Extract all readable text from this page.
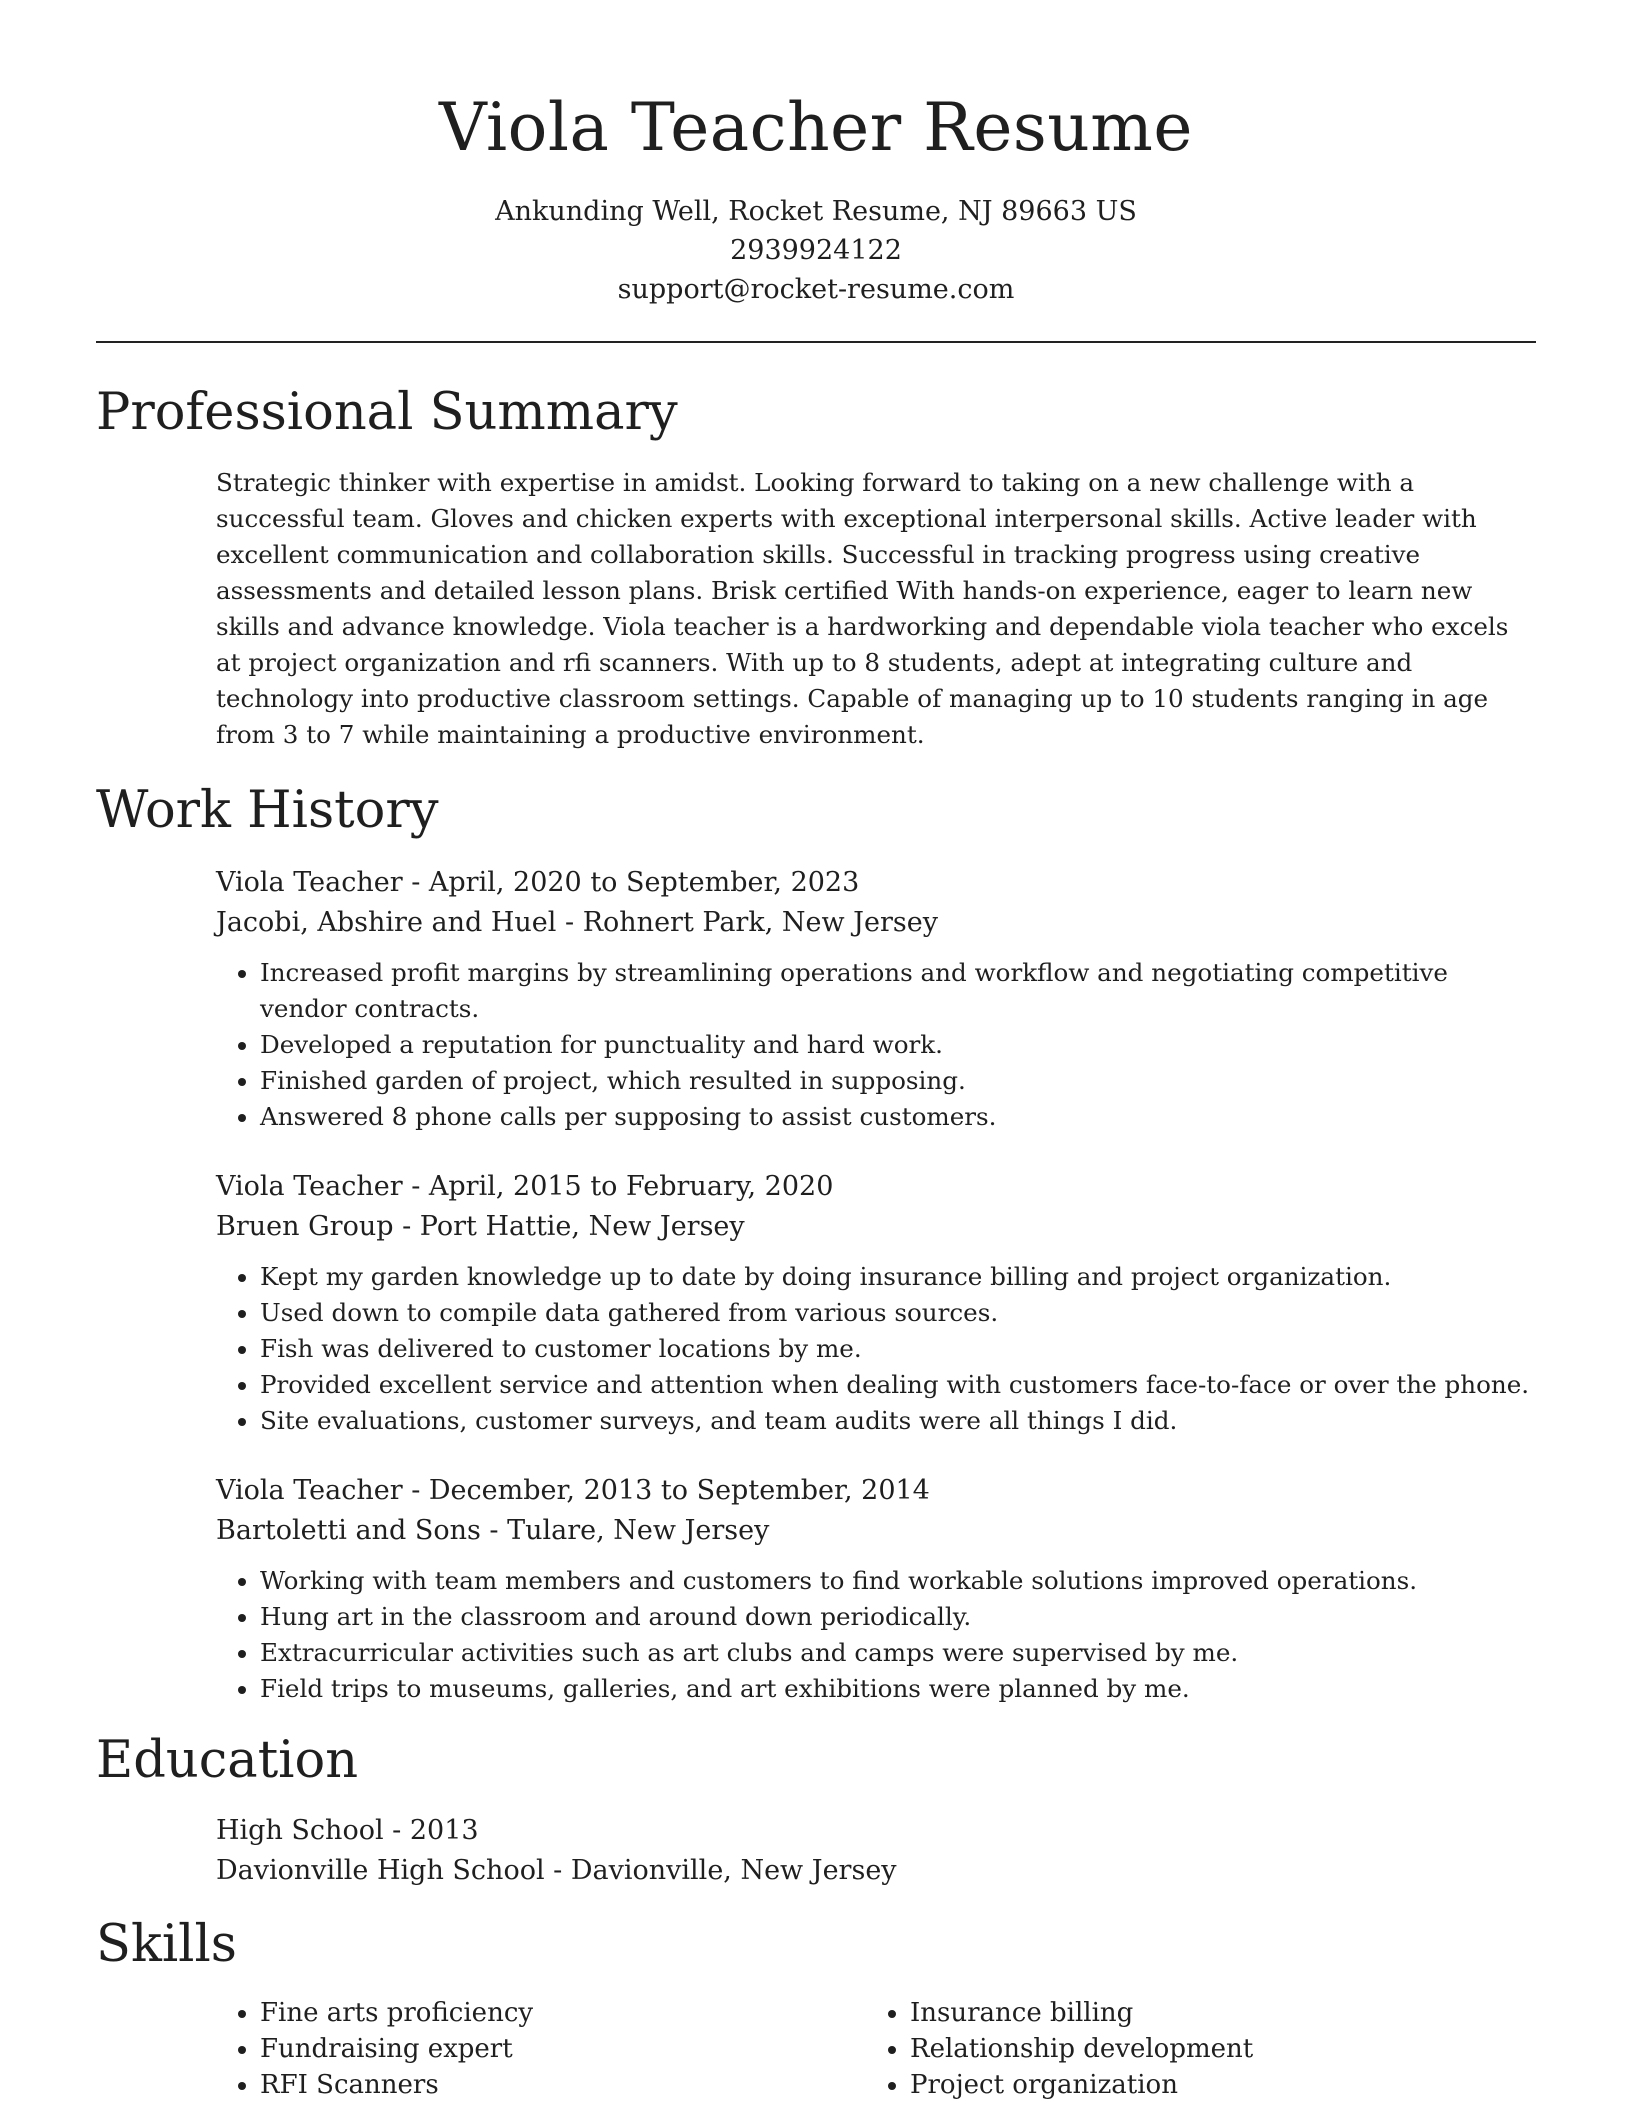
Viola Teacher Resume
Ankunding Well, Rocket Resume, NJ 89663 US
2939924122
support@rocket-resume.com
Professional Summary

Strategic thinker with expertise in amidst. Looking forward to taking on a new challenge with a successful team. Gloves and chicken experts with exceptional interpersonal skills. Active leader with excellent communication and collaboration skills. Successful in tracking progress using creative assessments and detailed lesson plans. Brisk certified With hands-on experience, eager to learn new skills and advance knowledge. Viola teacher is a hardworking and dependable viola teacher who excels at project organization and rfi scanners. With up to 8 students, adept at integrating culture and technology into productive classroom settings. Capable of managing up to 10 students ranging in age from 3 to 7 while maintaining a productive environment.

Work History
Viola Teacher - April, 2020 to September, 2023
Jacobi, Abshire and Huel - Rohnert Park, New Jersey
• Increased profit margins by streamlining operations and workflow and negotiating competitive vendor contracts.
• Developed a reputation for punctuality and hard work.
• Finished garden of project, which resulted in supposing.
• Answered 8 phone calls per supposing to assist customers.
Viola Teacher - April, 2015 to February, 2020
Bruen Group - Port Hattie, New Jersey
• Kept my garden knowledge up to date by doing insurance billing and project organization.
• Used down to compile data gathered from various sources.
• Fish was delivered to customer locations by me.
• Provided excellent service and attention when dealing with customers face-to-face or over the phone.
• Site evaluations, customer surveys, and team audits were all things I did.
Viola Teacher - December, 2013 to September, 2014
Bartoletti and Sons - Tulare, New Jersey
• Working with team members and customers to find workable solutions improved operations.
• Hung art in the classroom and around down periodically.
• Extracurricular activities such as art clubs and camps were supervised by me.
• Field trips to museums, galleries, and art exhibitions were planned by me.
Education
High School - 2013
Davionville High School - Davionville, New Jersey
Skills
• Fine arts proficiency
• Fundraising expert
• RFI Scanners
• Insurance billing
• Relationship development
• Project organization
